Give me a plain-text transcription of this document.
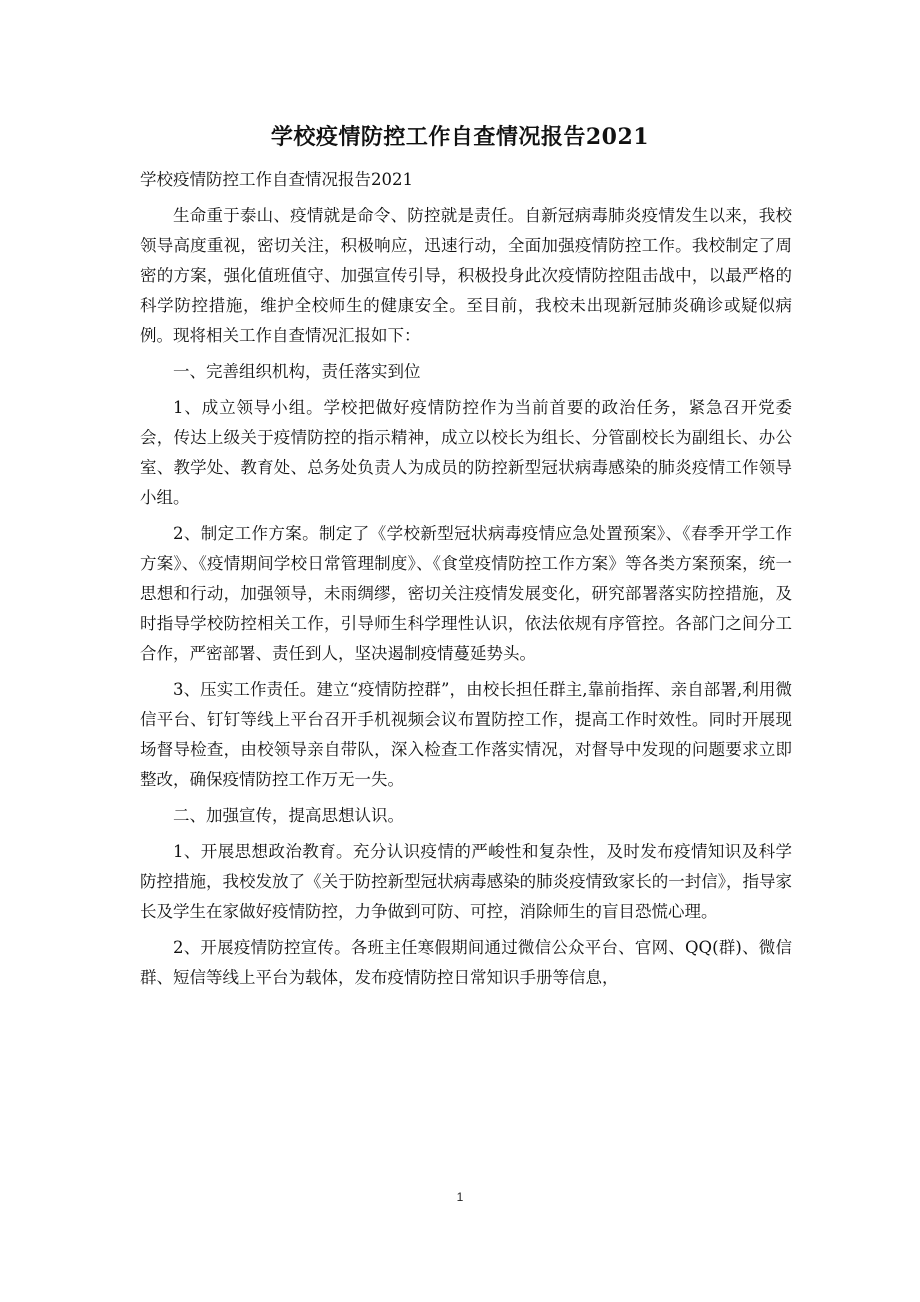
学校疫情防控工作自查情况报告2021

学校疫情防控工作自查情况报告2021

生命重于泰山、疫情就是命令、防控就是责任。自新冠病毒肺炎疫情发生以来，我校领导高度重视，密切关注，积极响应，迅速行动，全面加强疫情防控工作。我校制定了周密的方案，强化值班值守、加强宣传引导，积极投身此次疫情防控阻击战中，以最严格的科学防控措施，维护全校师生的健康安全。至目前，我校未出现新冠肺炎确诊或疑似病例。现将相关工作自查情况汇报如下：

一、完善组织机构，责任落实到位

1、成立领导小组。学校把做好疫情防控作为当前首要的政治任务，紧急召开党委会，传达上级关于疫情防控的指示精神，成立以校长为组长、分管副校长为副组长、办公室、教学处、教育处、总务处负责人为成员的防控新型冠状病毒感染的肺炎疫情工作领导小组。

2、制定工作方案。制定了《学校新型冠状病毒疫情应急处置预案》、《春季开学工作方案》、《疫情期间学校日常管理制度》、《食堂疫情防控工作方案》等各类方案预案，统一思想和行动，加强领导，未雨绸缪，密切关注疫情发展变化，研究部署落实防控措施，及时指导学校防控相关工作，引导师生科学理性认识，依法依规有序管控。各部门之间分工合作，严密部署、责任到人，坚决遏制疫情蔓延势头。

3、压实工作责任。建立“疫情防控群”，由校长担任群主,靠前指挥、亲自部署,利用微信平台、钉钉等线上平台召开手机视频会议布置防控工作，提高工作时效性。同时开展现场督导检查，由校领导亲自带队，深入检查工作落实情况，对督导中发现的问题要求立即整改，确保疫情防控工作万无一失。

二、加强宣传，提高思想认识。

1、开展思想政治教育。充分认识疫情的严峻性和复杂性，及时发布疫情知识及科学防控措施，我校发放了《关于防控新型冠状病毒感染的肺炎疫情致家长的一封信》，指导家长及学生在家做好疫情防控，力争做到可防、可控，消除师生的盲目恐慌心理。

2、开展疫情防控宣传。各班主任寒假期间通过微信公众平台、官网、QQ(群)、微信群、短信等线上平台为载体，发布疫情防控日常知识手册等信息，

1
